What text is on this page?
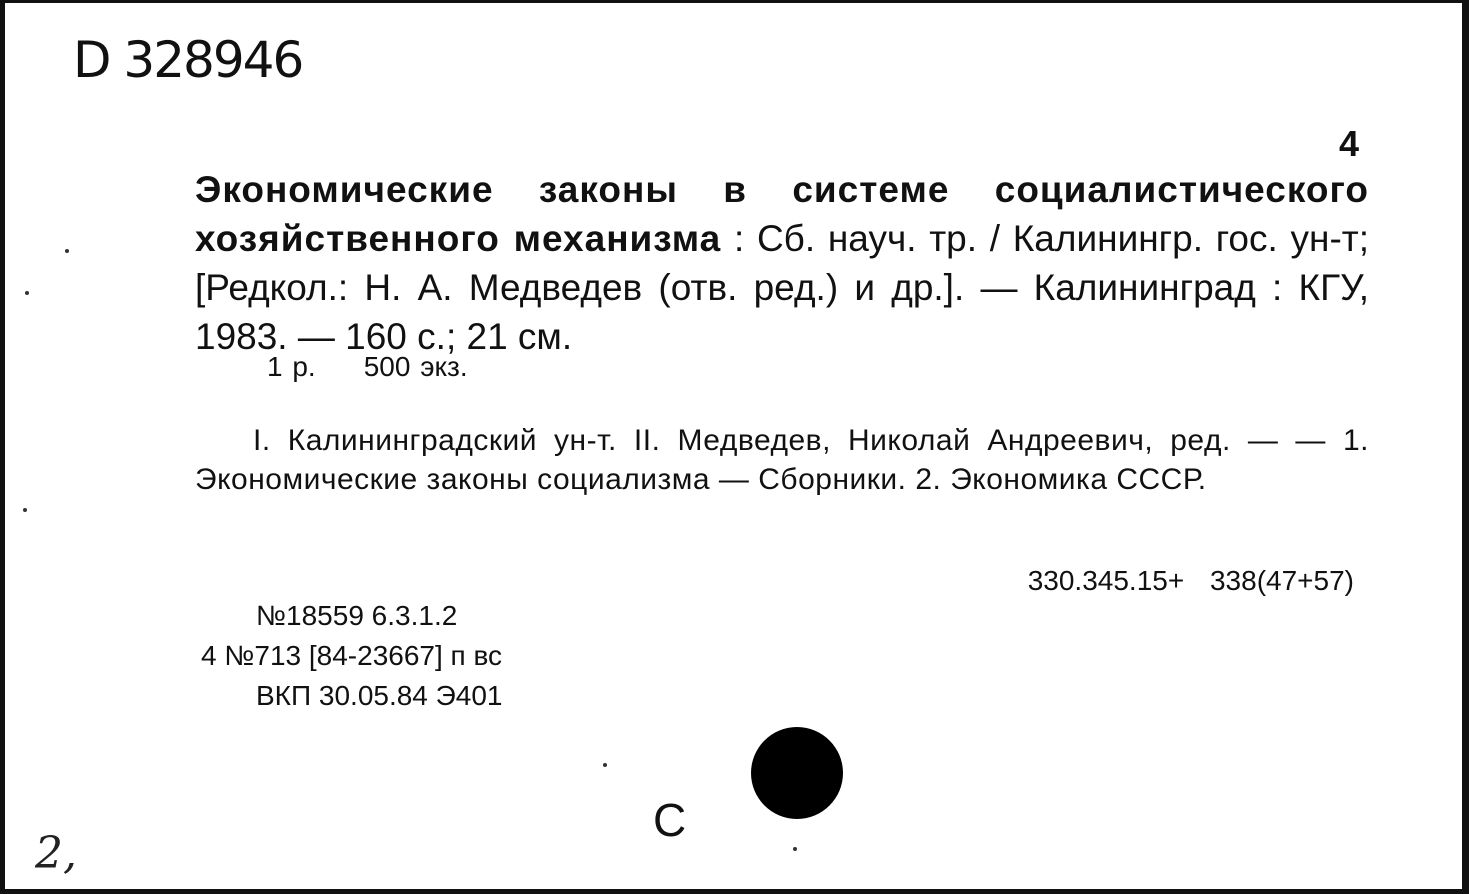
D 328946
4
Экономические законы в системе социалистического хозяйственного механизма : Сб. науч. тр. / Калинингр. гос. ун-т; [Редкол.: Н. А. Медведев (отв. ред.) и др.]. — Калининград : КГУ, 1983. — 160 с.; 21 см.
1 р. 500 экз.
I. Калининградский ун-т. II. Медведев, Николай Андреевич, ред. — — 1. Экономические законы социализма — Сборники. 2. Экономика СССР.
330.345.15+ 338(47+57)
№18559 6.3.1.2
4 №713 [84-23667] п вс
ВКП 30.05.84 Э401
С
2,
